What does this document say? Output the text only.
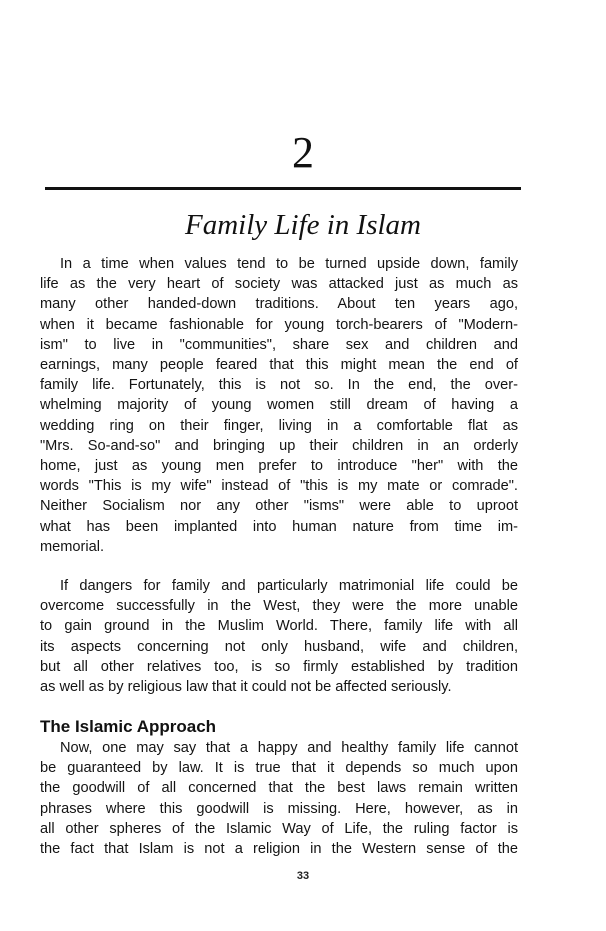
2
Family Life in Islam
In a time when values tend to be turned upside down, family
life as the very heart of society was attacked just as much as
many other handed-down traditions. About ten years ago,
when it became fashionable for young torch-bearers of "Modern-
ism" to live in "communities", share sex and children and
earnings, many people feared that this might mean the end of
family life. Fortunately, this is not so. In the end, the over-
whelming majority of young women still dream of having a
wedding ring on their finger, living in a comfortable flat as
"Mrs. So-and-so" and bringing up their children in an orderly
home, just as young men prefer to introduce "her" with the
words "This is my wife" instead of "this is my mate or comrade".
Neither Socialism nor any other "isms" were able to uproot
what has been implanted into human nature from time im-
memorial.
If dangers for family and particularly matrimonial life could be
overcome successfully in the West, they were the more unable
to gain ground in the Muslim World. There, family life with all
its aspects concerning not only husband, wife and children,
but all other relatives too, is so firmly established by tradition
as well as by religious law that it could not be affected seriously.
The Islamic Approach
Now, one may say that a happy and healthy family life cannot
be guaranteed by law. It is true that it depends so much upon
the goodwill of all concerned that the best laws remain written
phrases where this goodwill is missing. Here, however, as in
all other spheres of the Islamic Way of Life, the ruling factor is
the fact that Islam is not a religion in the Western sense of the
33
